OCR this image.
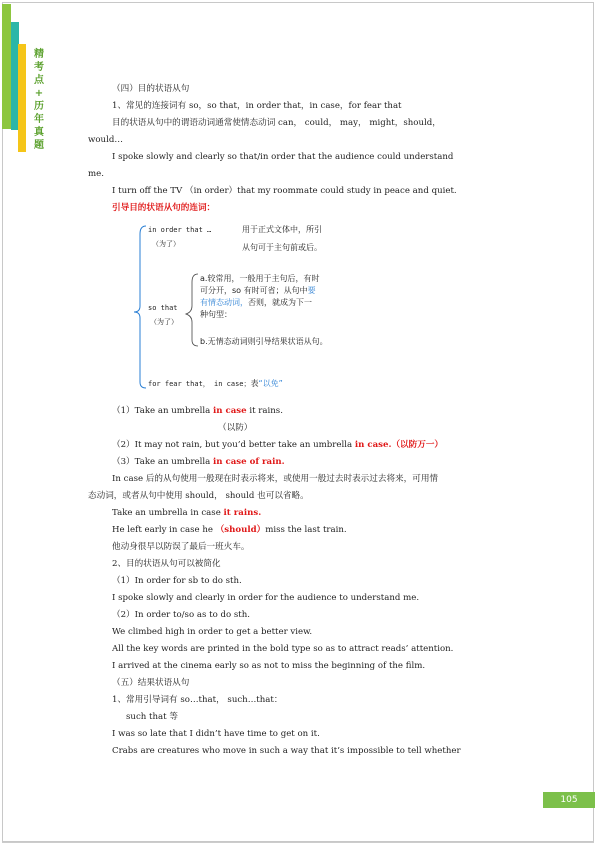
精
考
点
+
历
年
真
题
（四）目的状语从句
1、常见的连接词有 so，so that，in order that，in case，for fear that
目的状语从句中的谓语动词通常使情态动词 can， could， may， might，should，
would…
I spoke slowly and clearly so that/in order that the audience could understand
me.
I turn off the TV （in order）that my roommate could study in peace and quiet.
引导目的状语从句的连词：
in order that …
（为了）
用于正式文体中，所引
从句可于主句前或后。
so that
（为了）
a.较常用，一般用于主句后，有时
可分开，so 有时可省；从句中要
有情态动词，否则，就成为下一
种句型：
b.无情态动词则引导结果状语从句。
for fear that， in case；表“以免”
（1）Take an umbrella in case it rains.
（以防）
（2）It may not rain, but you’d better take an umbrella in case.（以防万一）
（3）Take an umbrella in case of rain.
In case 后的从句使用一般现在时表示将来，或使用一般过去时表示过去将来，可用情
态动词，或者从句中使用 should， should 也可以省略。
Take an umbrella in case it rains.
He left early in case he （should）miss the last train.
他动身很早以防误了最后一班火车。
2、目的状语从句可以被简化
（1）In order for sb to do sth.
I spoke slowly and clearly in order for the audience to understand me.
（2）In order to/so as to do sth.
We climbed high in order to get a better view.
All the key words are printed in the bold type so as to attract reads’ attention.
I arrived at the cinema early so as not to miss the beginning of the film.
（五）结果状语从句
1、常用引导词有 so…that， such…that：
such that 等
I was so late that I didn’t have time to get on it.
Crabs are creatures who move in such a way that it’s impossible to tell whether
105
